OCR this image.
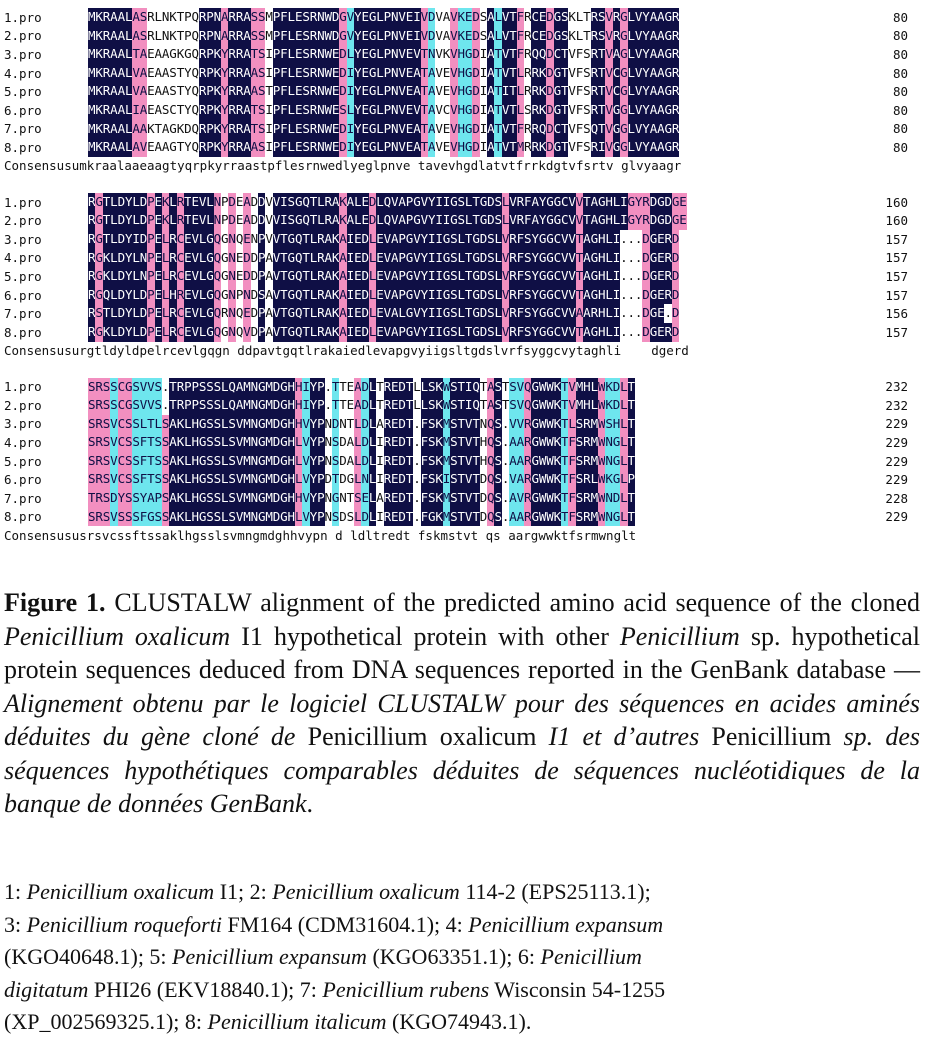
1.pro	M K R A A L A S R L N K T P Q R P N A R R A S S M P F L E S R N W D G V Y E G L P N V E I V D V A V K E D S A L V T F R C E D G S K L T R S V R G L V Y A A G R	80
2.pro	M K R A A L A S R L N K T P Q R P N A R R A S S M P F L E S R N W D G V Y E G L P N V E I V D V A V K E D S A L V T F R C E D G S K L T R S V R G L V Y A A G R	80
3.pro	M K R A A L T A E A A G K G Q R P K Y R R A T S I P F L E S R N W E D L Y E G L P N V E V T N V K V H G D I A T V T F R Q Q D C T V F S R T V A G L V Y A A G R	80
4.pro	M K R A A L V A E A A S T Y Q R P K Y R R A A S I P F L E S R N W E D I Y E G L P N V E A T A V E V H G D I A T V T L R R K D G T V F S R T V C G L V Y A A G R	80
5.pro	M K R A A L V A E A A S T Y Q R P K Y R R A A S T P F L E S R N W E D I Y E G L P N V E A T A V E V H G D I A T I T L R R K D G T V F S R T V C G L V Y A A G R	80
6.pro	M K R A A L I A E A S C T Y Q R P K Y R R A T S I P F L E S R N W E S L Y E G L P N V E V T A V C V H G D I A T V T L S R K D G T V F S R T V G G L V Y A A G R	80
7.pro	M K R A A L A A K T A G K D Q R P K Y R R A T S I P F L E S R N W E D I Y E G L P N V E A T A V E V H G D I A T V T F R R Q D C T V F S Q T V G G L V Y A A G R	80
8.pro	M K R A A L A V E A A G T Y Q R P K Y R R A A S I P F L E S R N W E D I Y E G L P N V E A T A V E V H G D I A T V T M R R K D G T V F S R I V G G L V Y A A G R	80
Consensusumkraalaaeaagtyqrpkyrraastpflesrnwedlyeglpnve tavevhgdlatvtfrrkdgtvfsrtv glvyaagr
1.pro	R G T L D Y L D P E K L R T E V L N P D E A D D V V I S G Q T L R A K A L E D L Q V A P G V Y I I G S L T G D S L V R F A Y G G C V V T A G H L I G Y R D G D G E	160
2.pro	R G T L D Y L D P E K L R T E V L N P D E A D D V V I S G Q T L R A K A L E D L Q V A P G V Y I I G S L T G D S L V R F A Y G G C V V T A G H L I G Y R D G D G E	160
3.pro	R G T L D Y I D P E L R C E V L G Q G N Q E N P V V T G Q T L R A K A I E D L E V A P G V Y I I G S L T G D S L V R F S Y G G C V V T A G H L I . . . D G E R D	157
4.pro	R G K L D Y L N P E L R C E V L G Q G N E D D P A V T G Q T L R A K A I E D L E V A P G V Y I I G S L T G D S L V R F S Y G G C V V T A G H L I . . . D G E R D	157
5.pro	R G K L D Y L N P E L R C E V L G Q G N E D D P A V T G Q T L R A K A I E D L E V A P G V Y I I G S L T G D S L V R F S Y G G C V V T A G H L I . . . D G E R D	157
6.pro	R G Q L D Y L D P E L H R E V L G Q G N P N D S A V T G Q T L R A K A I E D L E V A P G V Y I I G S L T G D S L V R F S Y G G C V V T A G H L I . . . D G E R D	157
7.pro	R S T L D Y L D P E L R C E V L G Q R N Q E D P A V T G Q T L R A K A I E D L E V A L G V Y I I G S L T G D S L V R F S Y G G C V V A A R H L I . . . D G E . D	156
8.pro	R G K L D Y L D P E L R C E V L G Q G N Q V D P A V T G Q T L R A K A I E D L E V A P G V Y I I G S L T G D S L V R F S Y G G C V V T A G H L I . . . D G E R D	157
Consensusurgtldyldpelrcevlgqgn ddpavtgqtlrakaiedlevapgvyiigsltgdslvrfsyggcvytaghli    dgerd
1.pro	S R S S C G S V V S . T R P P S S S L Q A M N G M D G H H I Y P . T T E A D L T R E D T L L S K W S T I Q T A S T S V Q G W W K T V M H L W K D L T	232
2.pro	S R S S C G S V V S . T R P P S S S L Q A M N G M D G H H I Y P . T T E A D L T R E D T L L S K W S T I Q T A S T S V Q G W W K T V M H L W K D L T	232
3.pro	S R S V C S S L T L S A K L H G S S L S V M N G M D G H H V Y P N D N T L D L A R E D T . F S K M S T V T N Q S . V V R G W W K T L S R M W S H L T	229
4.pro	S R S V C S S F T S S A K L H G S S L S V M N G M D G H L V Y P N S D A L D L I R E D T . F S K M S T V T H Q S . A A R G W W K T F S R M W N G L T	229
5.pro	S R S V C S S F T S S A K L H G S S L S V M N G M D G H L V Y P N S D A L D L I R E D T . F S K M S T V T H Q S . A A R G W W K T F S R M W N G L T	229
6.pro	S R S V C S S F T S S A K L H G S S L S V M N G M D G H L V Y P D T D G L N L I R E D T . F S K I S T V T D Q S . V A R G W W K T F S R L W K G L P	229
7.pro	T R S D Y S S Y A P S A K L H G S S L S V M N G M D G H H V Y P N G N T S E L A R E D T . F S K M S T V T D Q S . A V R G W W K T F S R M W N D L T	228
8.pro	S R S V S S S F G S S A K L H G S S L S V M N G M D G H L V Y P N S D S L D L I R E D T . F G K M S T V T D Q S . A A R G W W K T F S R M W N G L T	229
Consensususrsvcssftssaklhgsslsvmngmdghhvypn d ldltredt fskmstvt qs aargwwktfsrmwnglt
Figure 1. CLUSTALW alignment of the predicted amino acid sequence of the cloned Penicillium oxalicum I1 hypothetical protein with other Penicillium sp. hypothetical protein sequences deduced from DNA sequences reported in the GenBank database — Alignement obtenu par le logiciel CLUSTALW pour des séquences en acides aminés déduites du gène cloné de Penicillium oxalicum I1 et d’autres Penicillium sp. des séquences hypothétiques comparables déduites de séquences nucléotidiques de la banque de données GenBank.
1: Penicillium oxalicum I1; 2: Penicillium oxalicum 114-2 (EPS25113.1);
3: Penicillium roqueforti FM164 (CDM31604.1); 4: Penicillium expansum
(KGO40648.1); 5: Penicillium expansum (KGO63351.1); 6: Penicillium
digitatum PHI26 (EKV18840.1); 7: Penicillium rubens Wisconsin 54-1255
(XP_002569325.1); 8: Penicillium italicum (KGO74943.1).
